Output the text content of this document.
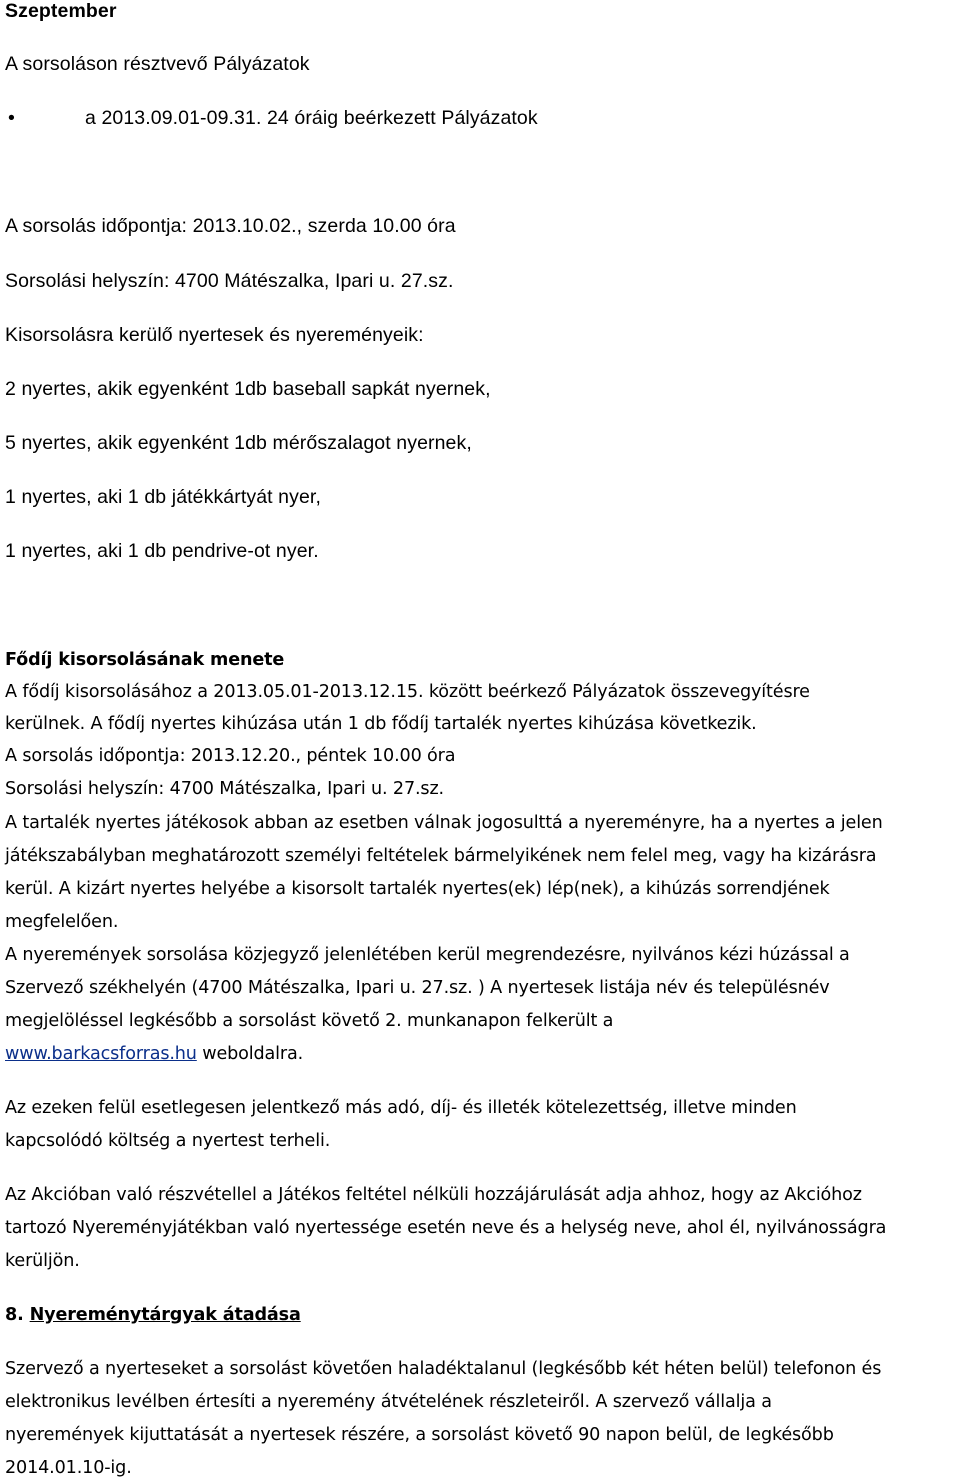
Szeptember
A sorsoláson résztvevő Pályázatok
•	a 2013.09.01-09.31. 24 óráig beérkezett Pályázatok
A sorsolás időpontja: 2013.10.02., szerda 10.00 óra
Sorsolási helyszín: 4700 Mátészalka, Ipari u. 27.sz.
Kisorsolásra kerülő nyertesek és nyereményeik:
2 nyertes, akik egyenként 1db baseball sapkát nyernek,
5 nyertes, akik egyenként 1db mérőszalagot nyernek,
1 nyertes, aki 1 db játékkártyát nyer,
1 nyertes, aki 1 db pendrive-ot nyer.
Fődíj kisorsolásának menete
A fődíj kisorsolásához a 2013.05.01-2013.12.15. között beérkező Pályázatok összevegyítésre
kerülnek. A fődíj nyertes kihúzása után 1 db fődíj tartalék nyertes kihúzása következik.
A sorsolás időpontja: 2013.12.20., péntek 10.00 óra
Sorsolási helyszín: 4700 Mátészalka, Ipari u. 27.sz.
A tartalék nyertes játékosok abban az esetben válnak jogosulttá a nyereményre, ha a nyertes a jelen
játékszabályban meghatározott személyi feltételek bármelyikének nem felel meg, vagy ha kizárásra
kerül. A kizárt nyertes helyébe a kisorsolt tartalék nyertes(ek) lép(nek), a kihúzás sorrendjének
megfelelően.
A nyeremények sorsolása közjegyző jelenlétében kerül megrendezésre, nyilvános kézi húzással a
Szervező székhelyén (4700 Mátészalka, Ipari u. 27.sz. ) A nyertesek listája név és településnév
megjelöléssel legkésőbb a sorsolást követő 2. munkanapon felkerült a
www.barkacsforras.hu weboldalra.
Az ezeken felül esetlegesen jelentkező más adó, díj- és illeték kötelezettség, illetve minden
kapcsolódó költség a nyertest terheli.
Az Akcióban való részvétellel a Játékos feltétel nélküli hozzájárulását adja ahhoz, hogy az Akcióhoz
tartozó Nyereményjátékban való nyertessége esetén neve és a helység neve, ahol él, nyilvánosságra
kerüljön.
8. Nyereménytárgyak átadása
Szervező a nyerteseket a sorsolást követően haladéktalanul (legkésőbb két héten belül) telefonon és
elektronikus levélben értesíti a nyeremény átvételének részleteiről. A szervező vállalja a
nyeremények kijuttatását a nyertesek részére, a sorsolást követő 90 napon belül, de legkésőbb
2014.01.10-ig.
